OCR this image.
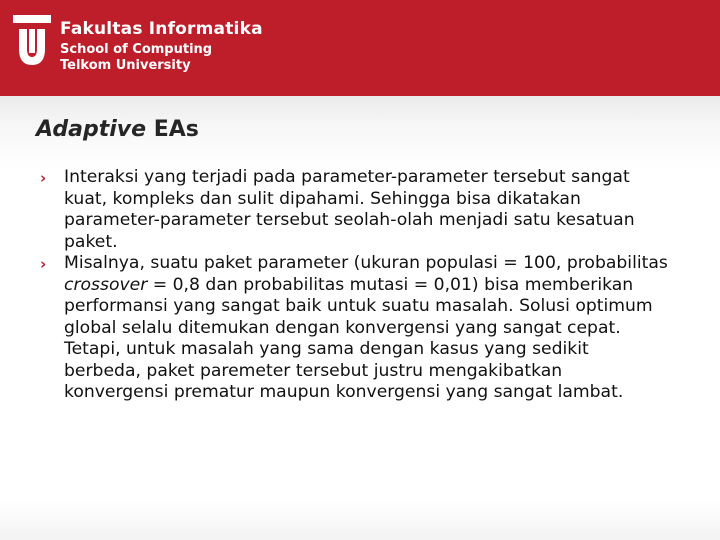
Fakultas Informatika
School of Computing
Telkom University
Adaptive EAs
› Interaksi yang terjadi pada parameter-parameter tersebut sangat kuat, kompleks dan sulit dipahami. Sehingga bisa dikatakan parameter-parameter tersebut seolah-olah menjadi satu kesatuan paket.
› Misalnya, suatu paket parameter (ukuran populasi = 100, probabilitas crossover = 0,8 dan probabilitas mutasi = 0,01) bisa memberikan performansi yang sangat baik untuk suatu masalah. Solusi optimum global selalu ditemukan dengan konvergensi yang sangat cepat. Tetapi, untuk masalah yang sama dengan kasus yang sedikit berbeda, paket paremeter tersebut justru mengakibatkan konvergensi prematur maupun konvergensi yang sangat lambat.
